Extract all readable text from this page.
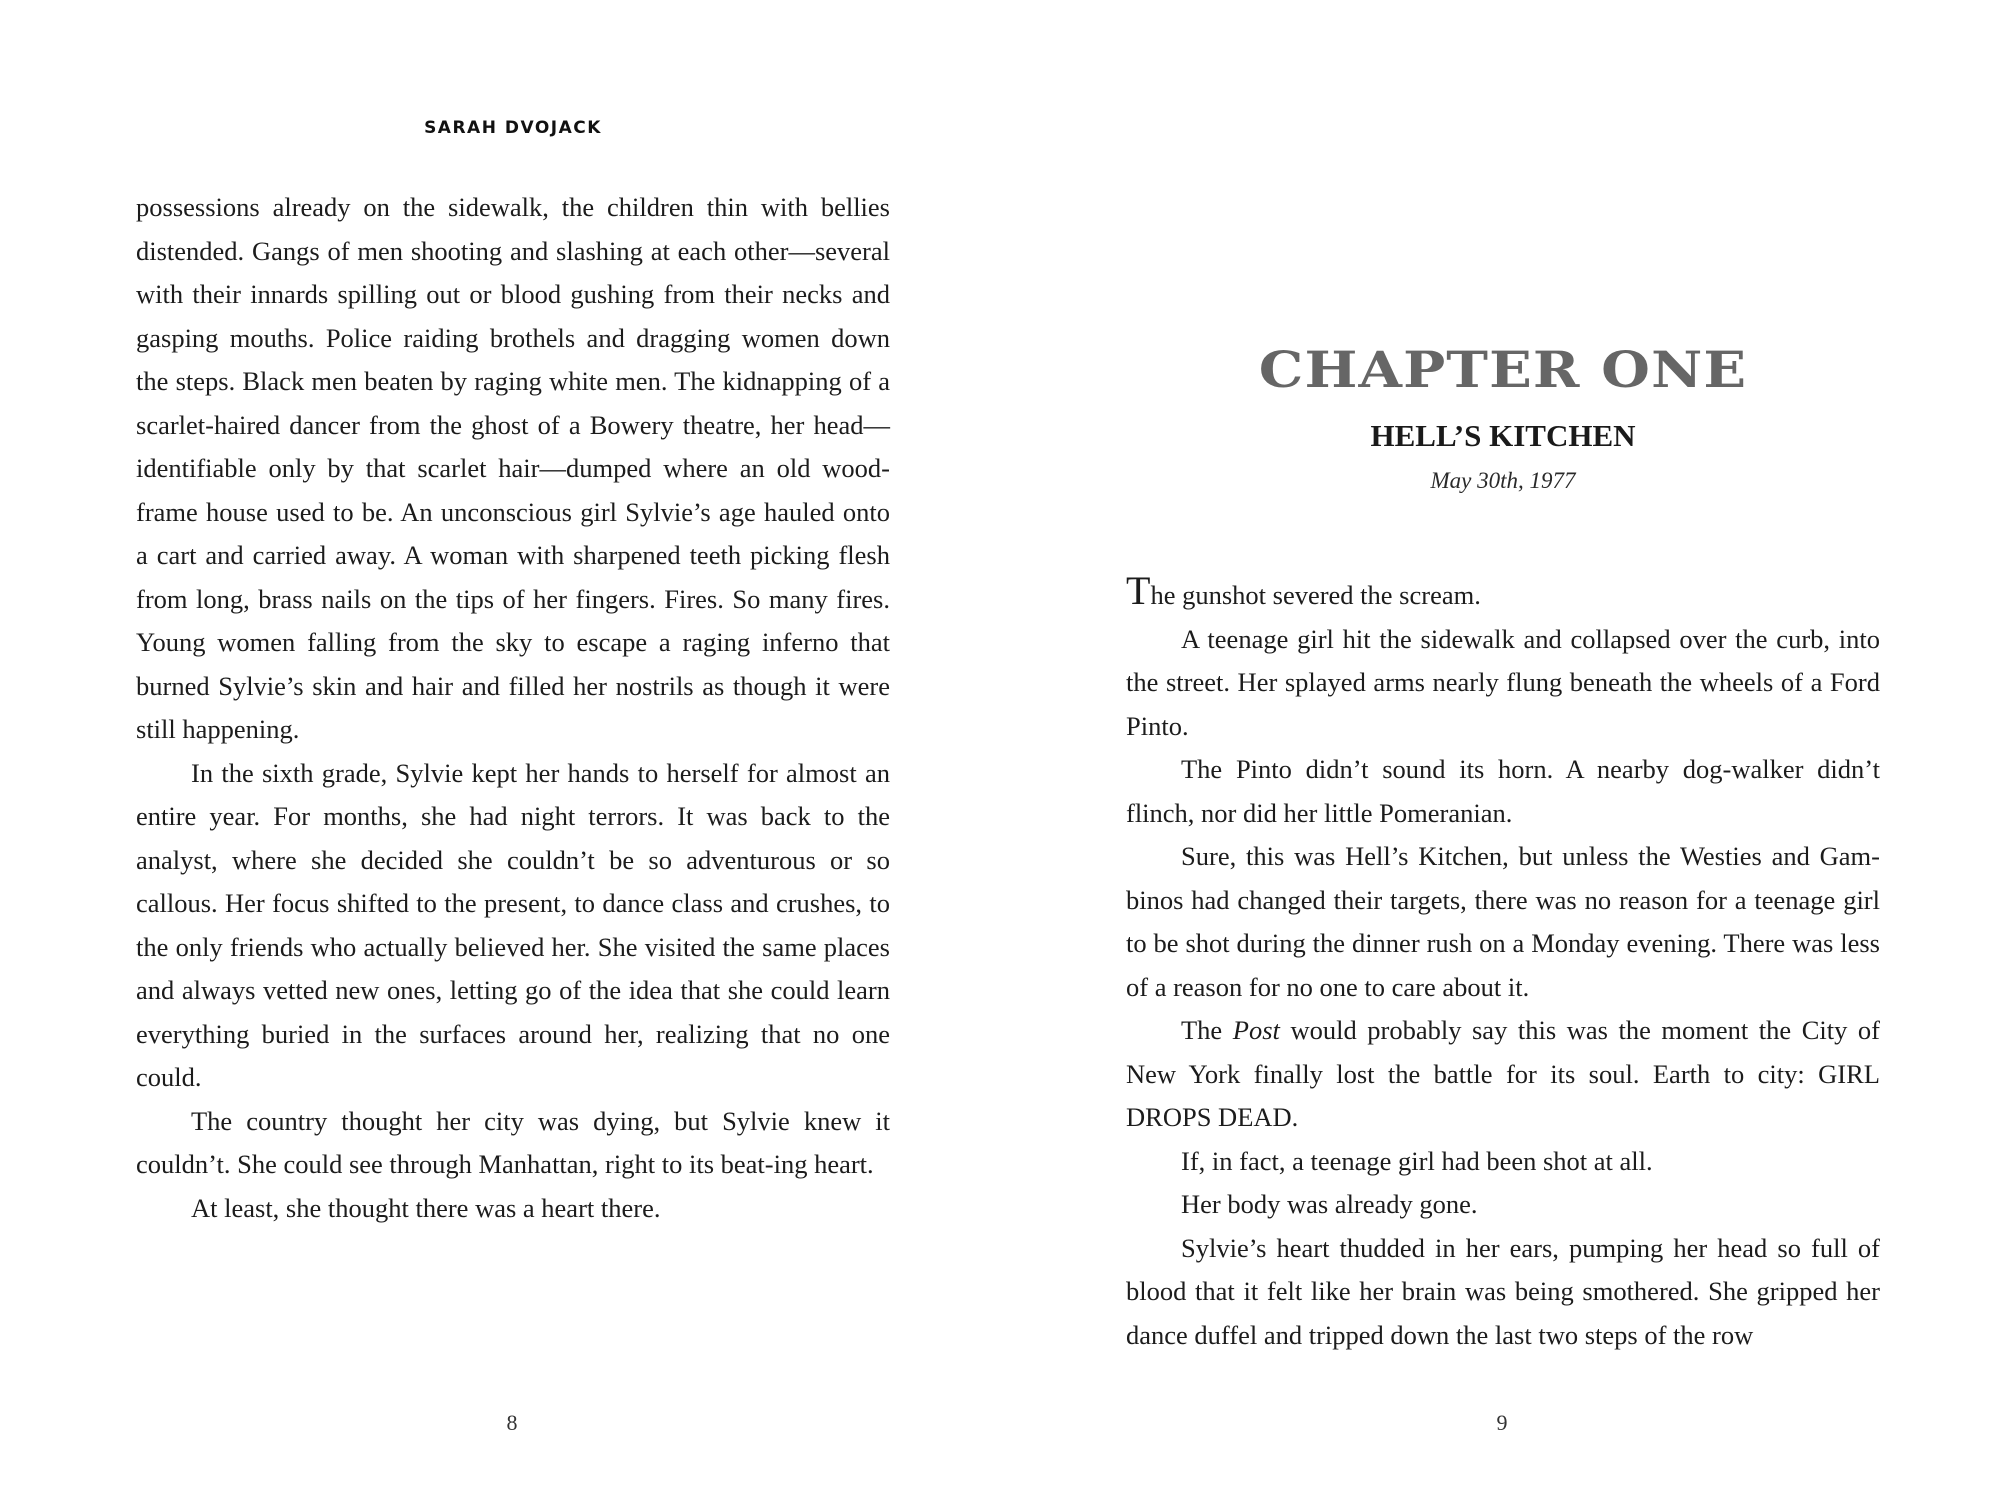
SARAH DVOJACK

possessions already on the sidewalk, the children thin with bellies distended. Gangs of men shooting and slashing at each other—several with their innards spilling out or blood gushing from their necks and gasping mouths. Police raiding brothels and dragging women down the steps. Black men beaten by raging white men. The kidnapping of a scarlet-haired dancer from the ghost of a Bowery theatre, her head—identifiable only by that scarlet hair—dumped where an old wood-frame house used to be. An unconscious girl Sylvie’s age hauled onto a cart and carried away. A woman with sharpened teeth picking flesh from long, brass nails on the tips of her fingers. Fires. So many fires. Young women falling from the sky to escape a raging inferno that burned Sylvie’s skin and hair and filled her nostrils as though it were still happening.

In the sixth grade, Sylvie kept her hands to herself for almost an entire year. For months, she had night terrors. It was back to the analyst, where she decided she couldn’t be so adventurous or so callous. Her focus shifted to the present, to dance class and crushes, to the only friends who actually believed her. She visited the same places and always vetted new ones, letting go of the idea that she could learn everything buried in the surfaces around her, realizing that no one could.

The country thought her city was dying, but Sylvie knew it couldn’t. She could see through Manhattan, right to its beat-ing heart.

At least, she thought there was a heart there.

8
CHAPTER ONE
HELL’S KITCHEN
May 30th, 1977

The gunshot severed the scream.

A teenage girl hit the sidewalk and collapsed over the curb, into the street. Her splayed arms nearly flung beneath the wheels of a Ford Pinto.

The Pinto didn’t sound its horn. A nearby dog-walker didn’t flinch, nor did her little Pomeranian.

Sure, this was Hell’s Kitchen, but unless the Westies and Gam-binos had changed their targets, there was no reason for a teenage girl to be shot during the dinner rush on a Monday evening. There was less of a reason for no one to care about it.

The Post would probably say this was the moment the City of New York finally lost the battle for its soul. Earth to city: GIRL DROPS DEAD.

If, in fact, a teenage girl had been shot at all.

Her body was already gone.

Sylvie’s heart thudded in her ears, pumping her head so full of blood that it felt like her brain was being smothered. She gripped her dance duffel and tripped down the last two steps of the row

9
